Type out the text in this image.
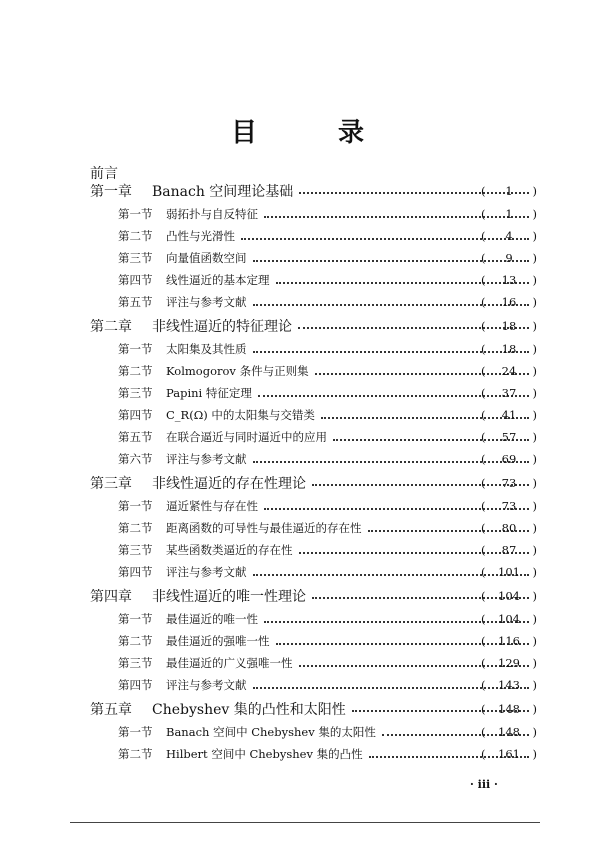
目 录
前言
第一章	Banach 空间理论基础	(	1	)
第一节	弱拓扑与自反特征	(	1	)
第二节	凸性与光滑性	(	4	)
第三节	向量值函数空间	(	9	)
第四节	线性逼近的基本定理	(	13	)
第五节	评注与参考文献	(	16	)
第二章	非线性逼近的特征理论	(	18	)
第一节	太阳集及其性质	(	18	)
第二节	Kolmogorov 条件与正则集	(	24	)
第三节	Papini 特征定理	(	37	)
第四节	C_R(Ω) 中的太阳集与交错类	(	41	)
第五节	在联合逼近与同时逼近中的应用	(	57	)
第六节	评注与参考文献	(	69	)
第三章	非线性逼近的存在性理论	(	73	)
第一节	逼近紧性与存在性	(	73	)
第二节	距离函数的可导性与最佳逼近的存在性	(	80	)
第三节	某些函数类逼近的存在性	(	87	)
第四节	评注与参考文献	(	101	)
第四章	非线性逼近的唯一性理论	(	104	)
第一节	最佳逼近的唯一性	(	104	)
第二节	最佳逼近的强唯一性	(	116	)
第三节	最佳逼近的广义强唯一性	(	129	)
第四节	评注与参考文献	(	143	)
第五章	Chebyshev 集的凸性和太阳性	(	148	)
第一节	Banach 空间中 Chebyshev 集的太阳性	(	148	)
第二节	Hilbert 空间中 Chebyshev 集的凸性	(	161	)
· iii ·
